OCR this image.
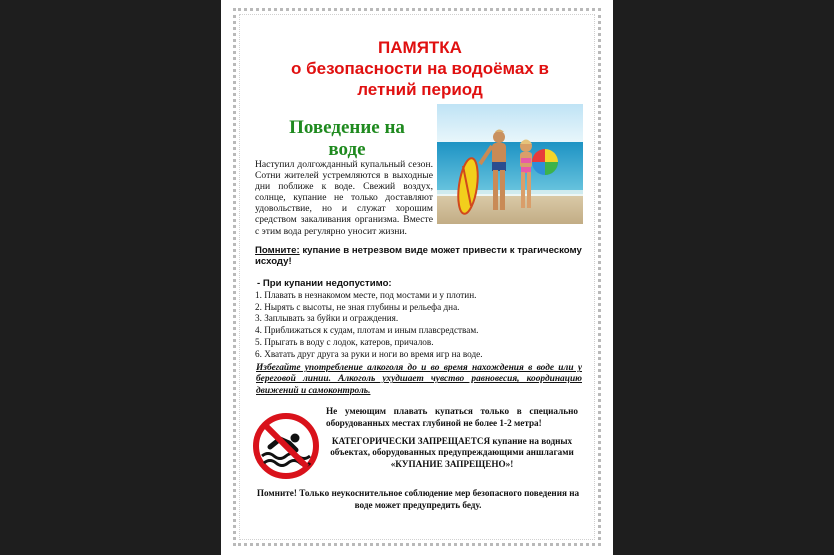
ПАМЯТКА
о безопасности на водоёмах в
летний период
Поведение на
воде
Наступил долгожданный купальный сезон. Сотни жителей устремляются в выходные дни поближе к воде. Свежий воздух, солнце, купание не только доставляют удовольствие, но и служат хорошим средством закаливания организма. Вместе с этим вода регулярно уносит жизни.
Помните: купание в нетрезвом виде может привести к трагическому исходу!
- При купании недопустимо:
1. Плавать в незнакомом месте, под мостами и у плотин.
2. Нырять с высоты, не зная глубины и рельефа дна.
3. Заплывать за буйки и ограждения.
4. Приближаться к судам, плотам и иным плавсредствам.
5. Прыгать в воду с лодок, катеров, причалов.
6. Хватать друг друга за руки и ноги во время игр на воде.
Избегайте употребление алкоголя до и во время нахождения в воде или у береговой линии. Алкоголь ухудшает чувство равновесия, координацию движений и самоконтроль.
Не умеющим плавать купаться только в специально оборудованных местах глубиной не более 1-2 метра!
КАТЕГОРИЧЕСКИ ЗАПРЕЩАЕТСЯ купание на водных объектах, оборудованных предупреждающими аншлагами «КУПАНИЕ ЗАПРЕЩЕНО»!
Помните! Только неукоснительное соблюдение мер безопасного поведения на воде может предупредить беду.
